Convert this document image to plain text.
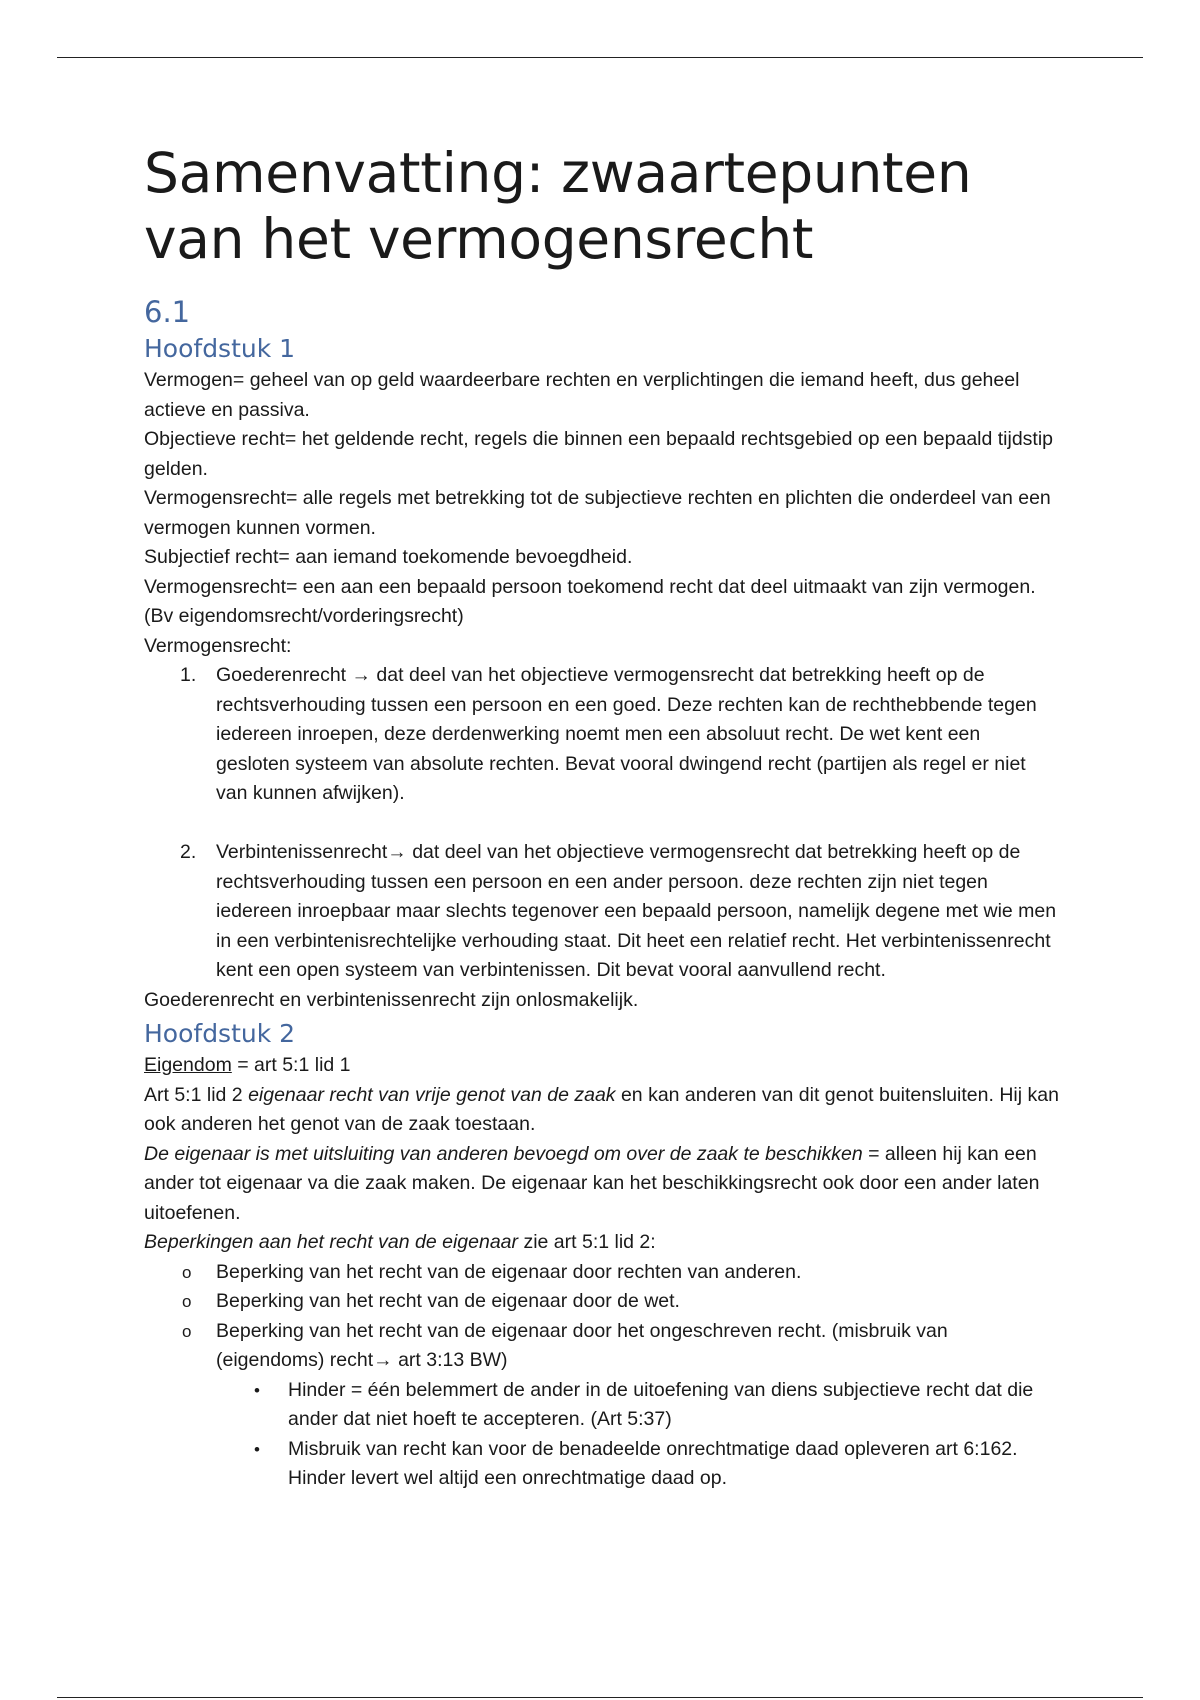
Samenvatting: zwaartepunten van het vermogensrecht
6.1
Hoofdstuk 1

Vermogen= geheel van op geld waardeerbare rechten en verplichtingen die iemand heeft, dus geheel actieve en passiva.

Objectieve recht= het geldende recht, regels die binnen een bepaald rechtsgebied op een bepaald tijdstip gelden.

Vermogensrecht= alle regels met betrekking tot de subjectieve rechten en plichten die onderdeel van een vermogen kunnen vormen.

Subjectief recht= aan iemand toekomende bevoegdheid.

Vermogensrecht= een aan een bepaald persoon toekomend recht dat deel uitmaakt van zijn vermogen. (Bv eigendomsrecht/vorderingsrecht)

Vermogensrecht:

1. Goederenrecht → dat deel van het objectieve vermogensrecht dat betrekking heeft op de rechtsverhouding tussen een persoon en een goed. Deze rechten kan de rechthebbende tegen iedereen inroepen, deze derdenwerking noemt men een absoluut recht. De wet kent een gesloten systeem van absolute rechten. Bevat vooral dwingend recht (partijen als regel er niet van kunnen afwijken).
2. Verbintenissenrecht→ dat deel van het objectieve vermogensrecht dat betrekking heeft op de rechtsverhouding tussen een persoon en een ander persoon. deze rechten zijn niet tegen iedereen inroepbaar maar slechts tegenover een bepaald persoon, namelijk degene met wie men in een verbintenisrechtelijke verhouding staat. Dit heet een relatief recht. Het verbintenissenrecht kent een open systeem van verbintenissen. Dit bevat vooral aanvullend recht.

Goederenrecht en verbintenissenrecht zijn onlosmakelijk.

Hoofdstuk 2

Eigendom = art 5:1 lid 1

Art 5:1 lid 2 eigenaar recht van vrije genot van de zaak en kan anderen van dit genot buitensluiten. Hij kan ook anderen het genot van de zaak toestaan.

De eigenaar is met uitsluiting van anderen bevoegd om over de zaak te beschikken = alleen hij kan een ander tot eigenaar va die zaak maken. De eigenaar kan het beschikkingsrecht ook door een ander laten uitoefenen.

Beperkingen aan het recht van de eigenaar zie art 5:1 lid 2:

o Beperking van het recht van de eigenaar door rechten van anderen.
o Beperking van het recht van de eigenaar door de wet.
o Beperking van het recht van de eigenaar door het ongeschreven recht. (misbruik van (eigendoms) recht→ art 3:13 BW)
• Hinder = één belemmert de ander in de uitoefening van diens subjectieve recht dat die ander dat niet hoeft te accepteren. (Art 5:37)
• Misbruik van recht kan voor de benadeelde onrechtmatige daad opleveren art 6:162. Hinder levert wel altijd een onrechtmatige daad op.
